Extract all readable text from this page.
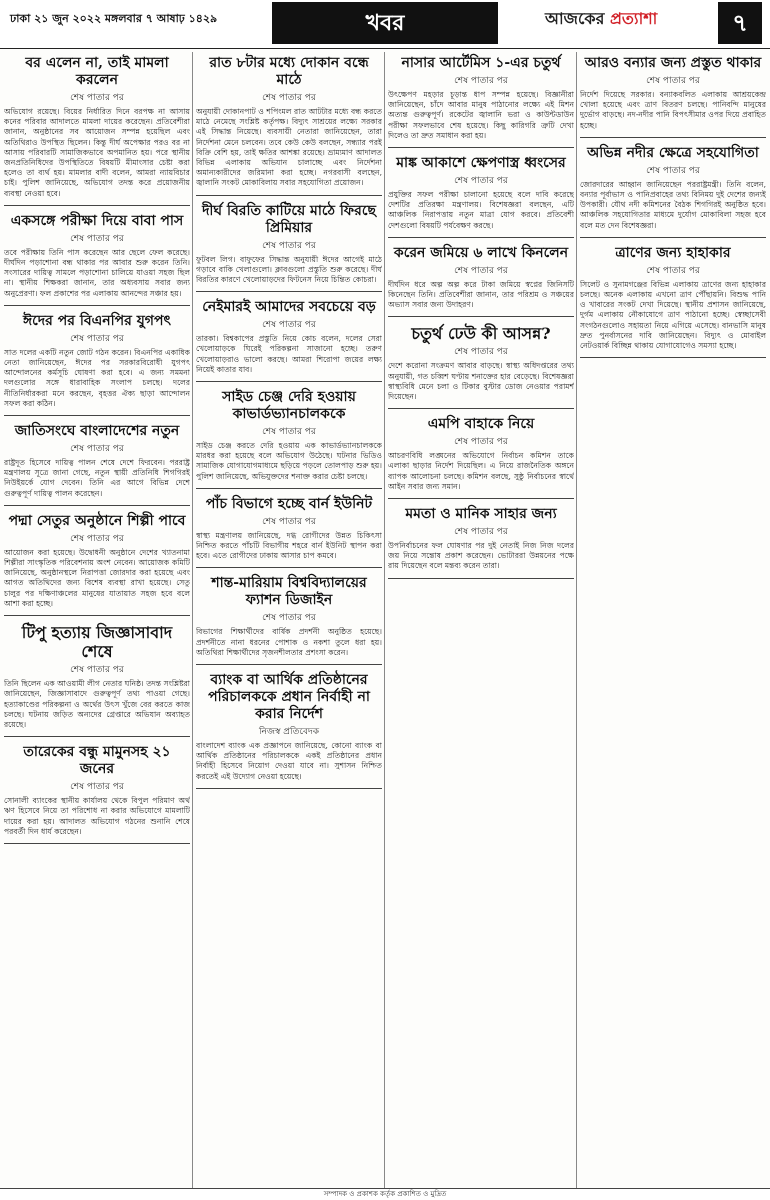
ঢাকা ২১ জুন ২০২২ মঙ্গলবার ৭ আষাঢ় ১৪২৯	খবর	আজকের প্রত্যাশা	৭
বর এলেন না, তাই মামলা করলেন
শেষ পাতার পর

অভিযোগ রয়েছে। বিয়ের নির্ধারিত দিনে বরপক্ষ না আসায় কনের পরিবার আদালতে মামলা দায়ের করেছেন। প্রতিবেশীরা জানান, অনুষ্ঠানের সব আয়োজন সম্পন্ন হয়েছিল এবং অতিথিরাও উপস্থিত ছিলেন। কিন্তু দীর্ঘ অপেক্ষার পরও বর না আসায় পরিবারটি সামাজিকভাবে অপমানিত হয়। পরে স্থানীয় জনপ্রতিনিধিদের উপস্থিতিতে বিষয়টি মীমাংসার চেষ্টা করা হলেও তা ব্যর্থ হয়। মামলার বাদী বলেন, আমরা ন্যায়বিচার চাই। পুলিশ জানিয়েছে, অভিযোগ তদন্ত করে প্রয়োজনীয় ব্যবস্থা নেওয়া হবে।

একসঙ্গে পরীক্ষা দিয়ে বাবা পাস
শেষ পাতার পর

তবে পরীক্ষায় তিনি পাস করেছেন আর ছেলে ফেল করেছে। দীর্ঘদিন পড়াশোনা বন্ধ থাকার পর আবার শুরু করেন তিনি। সংসারের দায়িত্ব সামলে পড়াশোনা চালিয়ে যাওয়া সহজ ছিল না। স্থানীয় শিক্ষকরা জানান, তার অধ্যবসায় সবার জন্য অনুপ্রেরণা। ফল প্রকাশের পর এলাকায় আনন্দের সঞ্চার হয়।

ঈদের পর বিএনপির যুগপৎ
শেষ পাতার পর

সাত দলের একটি নতুন জোট গঠন করেন। বিএনপির একাধিক নেতা জানিয়েছেন, ঈদের পর সরকারবিরোধী যুগপৎ আন্দোলনের কর্মসূচি ঘোষণা করা হবে। এ জন্য সমমনা দলগুলোর সঙ্গে ধারাবাহিক সংলাপ চলছে। দলের নীতিনির্ধারকরা মনে করছেন, বৃহত্তর ঐক্য ছাড়া আন্দোলন সফল করা কঠিন।

জাতিসংঘে বাংলাদেশের নতুন
শেষ পাতার পর

রাষ্ট্রদূত হিসেবে দায়িত্ব পালন শেষে দেশে ফিরবেন। পররাষ্ট্র মন্ত্রণালয় সূত্রে জানা গেছে, নতুন স্থায়ী প্রতিনিধি শিগগিরই নিউইয়র্কে যোগ দেবেন। তিনি এর আগে বিভিন্ন দেশে গুরুত্বপূর্ণ দায়িত্ব পালন করেছেন।

পদ্মা সেতুর অনুষ্ঠানে শিল্পী পাবে
শেষ পাতার পর

আয়োজন করা হয়েছে। উদ্বোধনী অনুষ্ঠানে দেশের খ্যাতনামা শিল্পীরা সাংস্কৃতিক পরিবেশনায় অংশ নেবেন। আয়োজক কমিটি জানিয়েছে, অনুষ্ঠানস্থলে নিরাপত্তা জোরদার করা হয়েছে এবং আগত অতিথিদের জন্য বিশেষ ব্যবস্থা রাখা হয়েছে। সেতু চালুর পর দক্ষিণাঞ্চলের মানুষের যাতায়াত সহজ হবে বলে আশা করা হচ্ছে।

টিপু হত্যায় জিজ্ঞাসাবাদ শেষে
শেষ পাতার পর

তিনি ছিলেন এক আওয়ামী লীগ নেতার ঘনিষ্ঠ। তদন্ত সংশ্লিষ্টরা জানিয়েছেন, জিজ্ঞাসাবাদে গুরুত্বপূর্ণ তথ্য পাওয়া গেছে। হত্যাকাণ্ডের পরিকল্পনা ও অর্থের উৎস খুঁজে বের করতে কাজ চলছে। ঘটনায় জড়িত অন্যদের গ্রেপ্তারে অভিযান অব্যাহত রয়েছে।

তারেকের বন্ধু মামুনসহ ২১ জনের
শেষ পাতার পর

সোনালী ব্যাংকের স্থানীয় কার্যালয় থেকে বিপুল পরিমাণ অর্থ ঋণ হিসেবে নিয়ে তা পরিশোধ না করার অভিযোগে মামলাটি দায়ের করা হয়। আদালত অভিযোগ গঠনের শুনানি শেষে পরবর্তী দিন ধার্য করেছেন।

রাত ৮টার মধ্যে দোকান বন্ধে মাঠে
শেষ পাতার পর

অনুযায়ী দোকানপাট ও শপিংমল রাত আটটার মধ্যে বন্ধ করতে মাঠে নেমেছে সংশ্লিষ্ট কর্তৃপক্ষ। বিদ্যুৎ সাশ্রয়ের লক্ষ্যে সরকার এই সিদ্ধান্ত নিয়েছে। ব্যবসায়ী নেতারা জানিয়েছেন, তারা নির্দেশনা মেনে চলবেন। তবে কেউ কেউ বলছেন, সন্ধ্যার পরই বিক্রি বেশি হয়, তাই ক্ষতির আশঙ্কা রয়েছে। ভ্রাম্যমাণ আদালত বিভিন্ন এলাকায় অভিযান চালাচ্ছে এবং নির্দেশনা অমান্যকারীদের জরিমানা করা হচ্ছে। নগরবাসী বলছেন, জ্বালানি সংকট মোকাবিলায় সবার সহযোগিতা প্রয়োজন।

দীর্ঘ বিরতি কাটিয়ে মাঠে ফিরছে প্রিমিয়ার
শেষ পাতার পর

ফুটবল লিগ। বাফুফের সিদ্ধান্ত অনুযায়ী ঈদের আগেই মাঠে গড়াবে বাকি খেলাগুলো। ক্লাবগুলো প্রস্তুতি শুরু করেছে। দীর্ঘ বিরতির কারণে খেলোয়াড়দের ফিটনেস নিয়ে চিন্তিত কোচরা।

নেইমারই আমাদের সবচেয়ে বড়
শেষ পাতার পর

তারকা। বিশ্বকাপের প্রস্তুতি নিয়ে কোচ বলেন, দলের সেরা খেলোয়াড়কে ঘিরেই পরিকল্পনা সাজানো হচ্ছে। তরুণ খেলোয়াড়রাও ভালো করছে। আমরা শিরোপা জয়ের লক্ষ্য নিয়েই কাতার যাব।

সাইড চেঞ্জ দেরি হওয়ায় কাভার্ডভ্যানচালককে
শেষ পাতার পর

সাইড চেঞ্জ করতে দেরি হওয়ায় এক কাভার্ডভ্যানচালককে মারধর করা হয়েছে বলে অভিযোগ উঠেছে। ঘটনার ভিডিও সামাজিক যোগাযোগমাধ্যমে ছড়িয়ে পড়লে তোলপাড় শুরু হয়। পুলিশ জানিয়েছে, অভিযুক্তদের শনাক্ত করার চেষ্টা চলছে।

পাঁচ বিভাগে হচ্ছে বার্ন ইউনিট
শেষ পাতার পর

স্বাস্থ্য মন্ত্রণালয় জানিয়েছে, দগ্ধ রোগীদের উন্নত চিকিৎসা নিশ্চিত করতে পাঁচটি বিভাগীয় শহরে বার্ন ইউনিট স্থাপন করা হবে। এতে রোগীদের ঢাকায় আসার চাপ কমবে।

শান্ত-মারিয়াম বিশ্ববিদ্যালয়ের ফ্যাশন ডিজাইন
শেষ পাতার পর

বিভাগের শিক্ষার্থীদের বার্ষিক প্রদর্শনী অনুষ্ঠিত হয়েছে। প্রদর্শনীতে নানা ধরনের পোশাক ও নকশা তুলে ধরা হয়। অতিথিরা শিক্ষার্থীদের সৃজনশীলতার প্রশংসা করেন।

ব্যাংক বা আর্থিক প্রতিষ্ঠানের পরিচালককে প্রধান নির্বাহী না করার নির্দেশ
নিজস্ব প্রতিবেদক

বাংলাদেশ ব্যাংক এক প্রজ্ঞাপনে জানিয়েছে, কোনো ব্যাংক বা আর্থিক প্রতিষ্ঠানের পরিচালককে একই প্রতিষ্ঠানের প্রধান নির্বাহী হিসেবে নিয়োগ দেওয়া যাবে না। সুশাসন নিশ্চিত করতেই এই উদ্যোগ নেওয়া হয়েছে।

নাসার আর্টেমিস ১-এর চতুর্থ
শেষ পাতার পর

উৎক্ষেপণ মহড়ার চূড়ান্ত ধাপ সম্পন্ন হয়েছে। বিজ্ঞানীরা জানিয়েছেন, চাঁদে আবার মানুষ পাঠানোর লক্ষ্যে এই মিশন অত্যন্ত গুরুত্বপূর্ণ। রকেটের জ্বালানি ভরা ও কাউন্টডাউন পরীক্ষা সফলভাবে শেষ হয়েছে। কিছু কারিগরি ত্রুটি দেখা দিলেও তা দ্রুত সমাধান করা হয়।

মাঙ্ক আকাশে ক্ষেপণাস্ত্র ধ্বংসের
শেষ পাতার পর

প্রযুক্তির সফল পরীক্ষা চালানো হয়েছে বলে দাবি করেছে দেশটির প্রতিরক্ষা মন্ত্রণালয়। বিশেষজ্ঞরা বলছেন, এটি আঞ্চলিক নিরাপত্তায় নতুন মাত্রা যোগ করবে। প্রতিবেশী দেশগুলো বিষয়টি পর্যবেক্ষণ করছে।

করেন জমিয়ে ৬ লাখে কিনলেন
শেষ পাতার পর

দীর্ঘদিন ধরে অল্প অল্প করে টাকা জমিয়ে স্বপ্নের জিনিসটি কিনেছেন তিনি। প্রতিবেশীরা জানান, তার পরিশ্রম ও সঞ্চয়ের অভ্যাস সবার জন্য উদাহরণ।

চতুর্থ ঢেউ কী আসন্ন?
শেষ পাতার পর

দেশে করোনা সংক্রমণ আবার বাড়ছে। স্বাস্থ্য অধিদপ্তরের তথ্য অনুযায়ী, গত চব্বিশ ঘণ্টায় শনাক্তের হার বেড়েছে। বিশেষজ্ঞরা স্বাস্থ্যবিধি মেনে চলা ও টিকার বুস্টার ডোজ নেওয়ার পরামর্শ দিয়েছেন।

এমপি বাহাকে নিয়ে
শেষ পাতার পর

আচরণবিধি লঙ্ঘনের অভিযোগে নির্বাচন কমিশন তাকে এলাকা ছাড়ার নির্দেশ দিয়েছিল। এ নিয়ে রাজনৈতিক অঙ্গনে ব্যাপক আলোচনা চলছে। কমিশন বলছে, সুষ্ঠু নির্বাচনের স্বার্থে আইন সবার জন্য সমান।

মমতা ও মানিক সাহার জন্য
শেষ পাতার পর

উপনির্বাচনের ফল ঘোষণার পর দুই নেতাই নিজ নিজ দলের জয় নিয়ে সন্তোষ প্রকাশ করেছেন। ভোটাররা উন্নয়নের পক্ষে রায় দিয়েছেন বলে মন্তব্য করেন তারা।

আরও বন্যার জন্য প্রস্তুত থাকার
শেষ পাতার পর

নির্দেশ দিয়েছে সরকার। বন্যাকবলিত এলাকায় আশ্রয়কেন্দ্র খোলা হয়েছে এবং ত্রাণ বিতরণ চলছে। পানিবন্দি মানুষের দুর্ভোগ বাড়ছে। নদ-নদীর পানি বিপৎসীমার ওপর দিয়ে প্রবাহিত হচ্ছে।

অভিন্ন নদীর ক্ষেত্রে সহযোগিতা
শেষ পাতার পর

জোরদারের আহ্বান জানিয়েছেন পররাষ্ট্রমন্ত্রী। তিনি বলেন, বন্যার পূর্বাভাস ও পানিপ্রবাহের তথ্য বিনিময় দুই দেশের জন্যই উপকারী। যৌথ নদী কমিশনের বৈঠক শিগগিরই অনুষ্ঠিত হবে। আঞ্চলিক সহযোগিতার মাধ্যমে দুর্যোগ মোকাবিলা সহজ হবে বলে মত দেন বিশেষজ্ঞরা।

ত্রাণের জন্য হাহাকার
শেষ পাতার পর

সিলেট ও সুনামগঞ্জের বিভিন্ন এলাকায় ত্রাণের জন্য হাহাকার চলছে। অনেক এলাকায় এখনো ত্রাণ পৌঁছায়নি। বিশুদ্ধ পানি ও খাবারের সংকট দেখা দিয়েছে। স্থানীয় প্রশাসন জানিয়েছে, দুর্গম এলাকায় নৌকাযোগে ত্রাণ পাঠানো হচ্ছে। স্বেচ্ছাসেবী সংগঠনগুলোও সহায়তা নিয়ে এগিয়ে এসেছে। বানভাসি মানুষ দ্রুত পুনর্বাসনের দাবি জানিয়েছেন। বিদ্যুৎ ও মোবাইল নেটওয়ার্ক বিচ্ছিন্ন থাকায় যোগাযোগেও সমস্যা হচ্ছে।

সম্পাদক ও প্রকাশক কর্তৃক প্রকাশিত ও মুদ্রিত
